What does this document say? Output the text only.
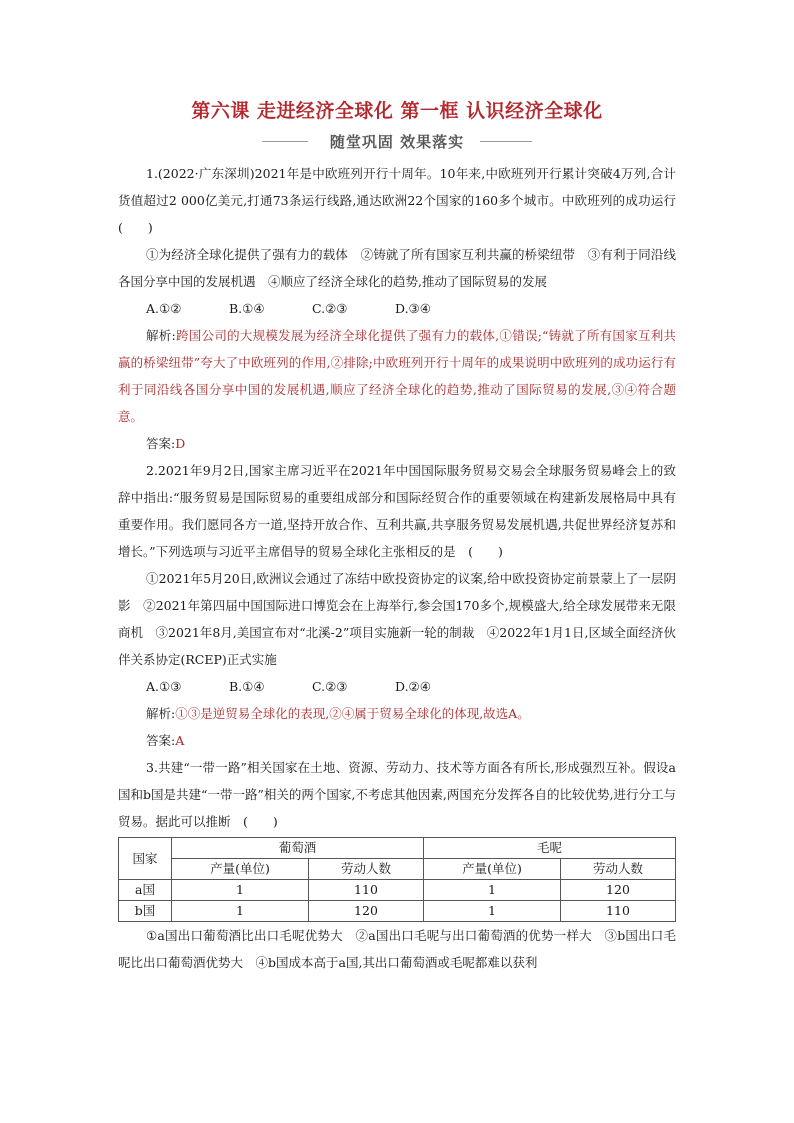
第六课 走进经济全球化 第一框 认识经济全球化
随堂巩固 效果落实

1.(2022·广东深圳)2021年是中欧班列开行十周年。10年来,中欧班列开行累计突破4万列,合计货值超过2 000亿美元,打通73条运行线路,通达欧洲22个国家的160多个城市。中欧班列的成功运行(　　)

①为经济全球化提供了强有力的载体　②铸就了所有国家互利共赢的桥梁纽带　③有利于同沿线各国分享中国的发展机遇　④顺应了经济全球化的趋势,推动了国际贸易的发展

A.①②	B.①④	C.②③	D.③④

解析:跨国公司的大规模发展为经济全球化提供了强有力的载体,①错误;“铸就了所有国家互利共赢的桥梁纽带”夸大了中欧班列的作用,②排除;中欧班列开行十周年的成果说明中欧班列的成功运行有利于同沿线各国分享中国的发展机遇,顺应了经济全球化的趋势,推动了国际贸易的发展,③④符合题意。

答案:D

2.2021年9月2日,国家主席习近平在2021年中国国际服务贸易交易会全球服务贸易峰会上的致辞中指出:“服务贸易是国际贸易的重要组成部分和国际经贸合作的重要领域在构建新发展格局中具有重要作用。我们愿同各方一道,坚持开放合作、互利共赢,共享服务贸易发展机遇,共促世界经济复苏和增长。”下列选项与习近平主席倡导的贸易全球化主张相反的是　(　　)

①2021年5月20日,欧洲议会通过了冻结中欧投资协定的议案,给中欧投资协定前景蒙上了一层阴影　②2021年第四届中国国际进口博览会在上海举行,参会国170多个,规模盛大,给全球发展带来无限商机　③2021年8月,美国宣布对“北溪-2”项目实施新一轮的制裁　④2022年1月1日,区域全面经济伙伴关系协定(RCEP)正式实施

A.①③	B.①④	C.②③	D.②④

解析:①③是逆贸易全球化的表现,②④属于贸易全球化的体现,故选A。

答案:A

3.共建“一带一路”相关国家在土地、资源、劳动力、技术等方面各有所长,形成强烈互补。假设a国和b国是共建“一带一路”相关的两个国家,不考虑其他因素,两国充分发挥各自的比较优势,进行分工与贸易。据此可以推断　(　　)

国家	葡萄酒		毛呢	
	产量(单位)	劳动人数	产量(单位)	劳动人数
a国	1	110	1	120
b国	1	120	1	110

①a国出口葡萄酒比出口毛呢优势大　②a国出口毛呢与出口葡萄酒的优势一样大　③b国出口毛呢比出口葡萄酒优势大　④b国成本高于a国,其出口葡萄酒或毛呢都难以获利
